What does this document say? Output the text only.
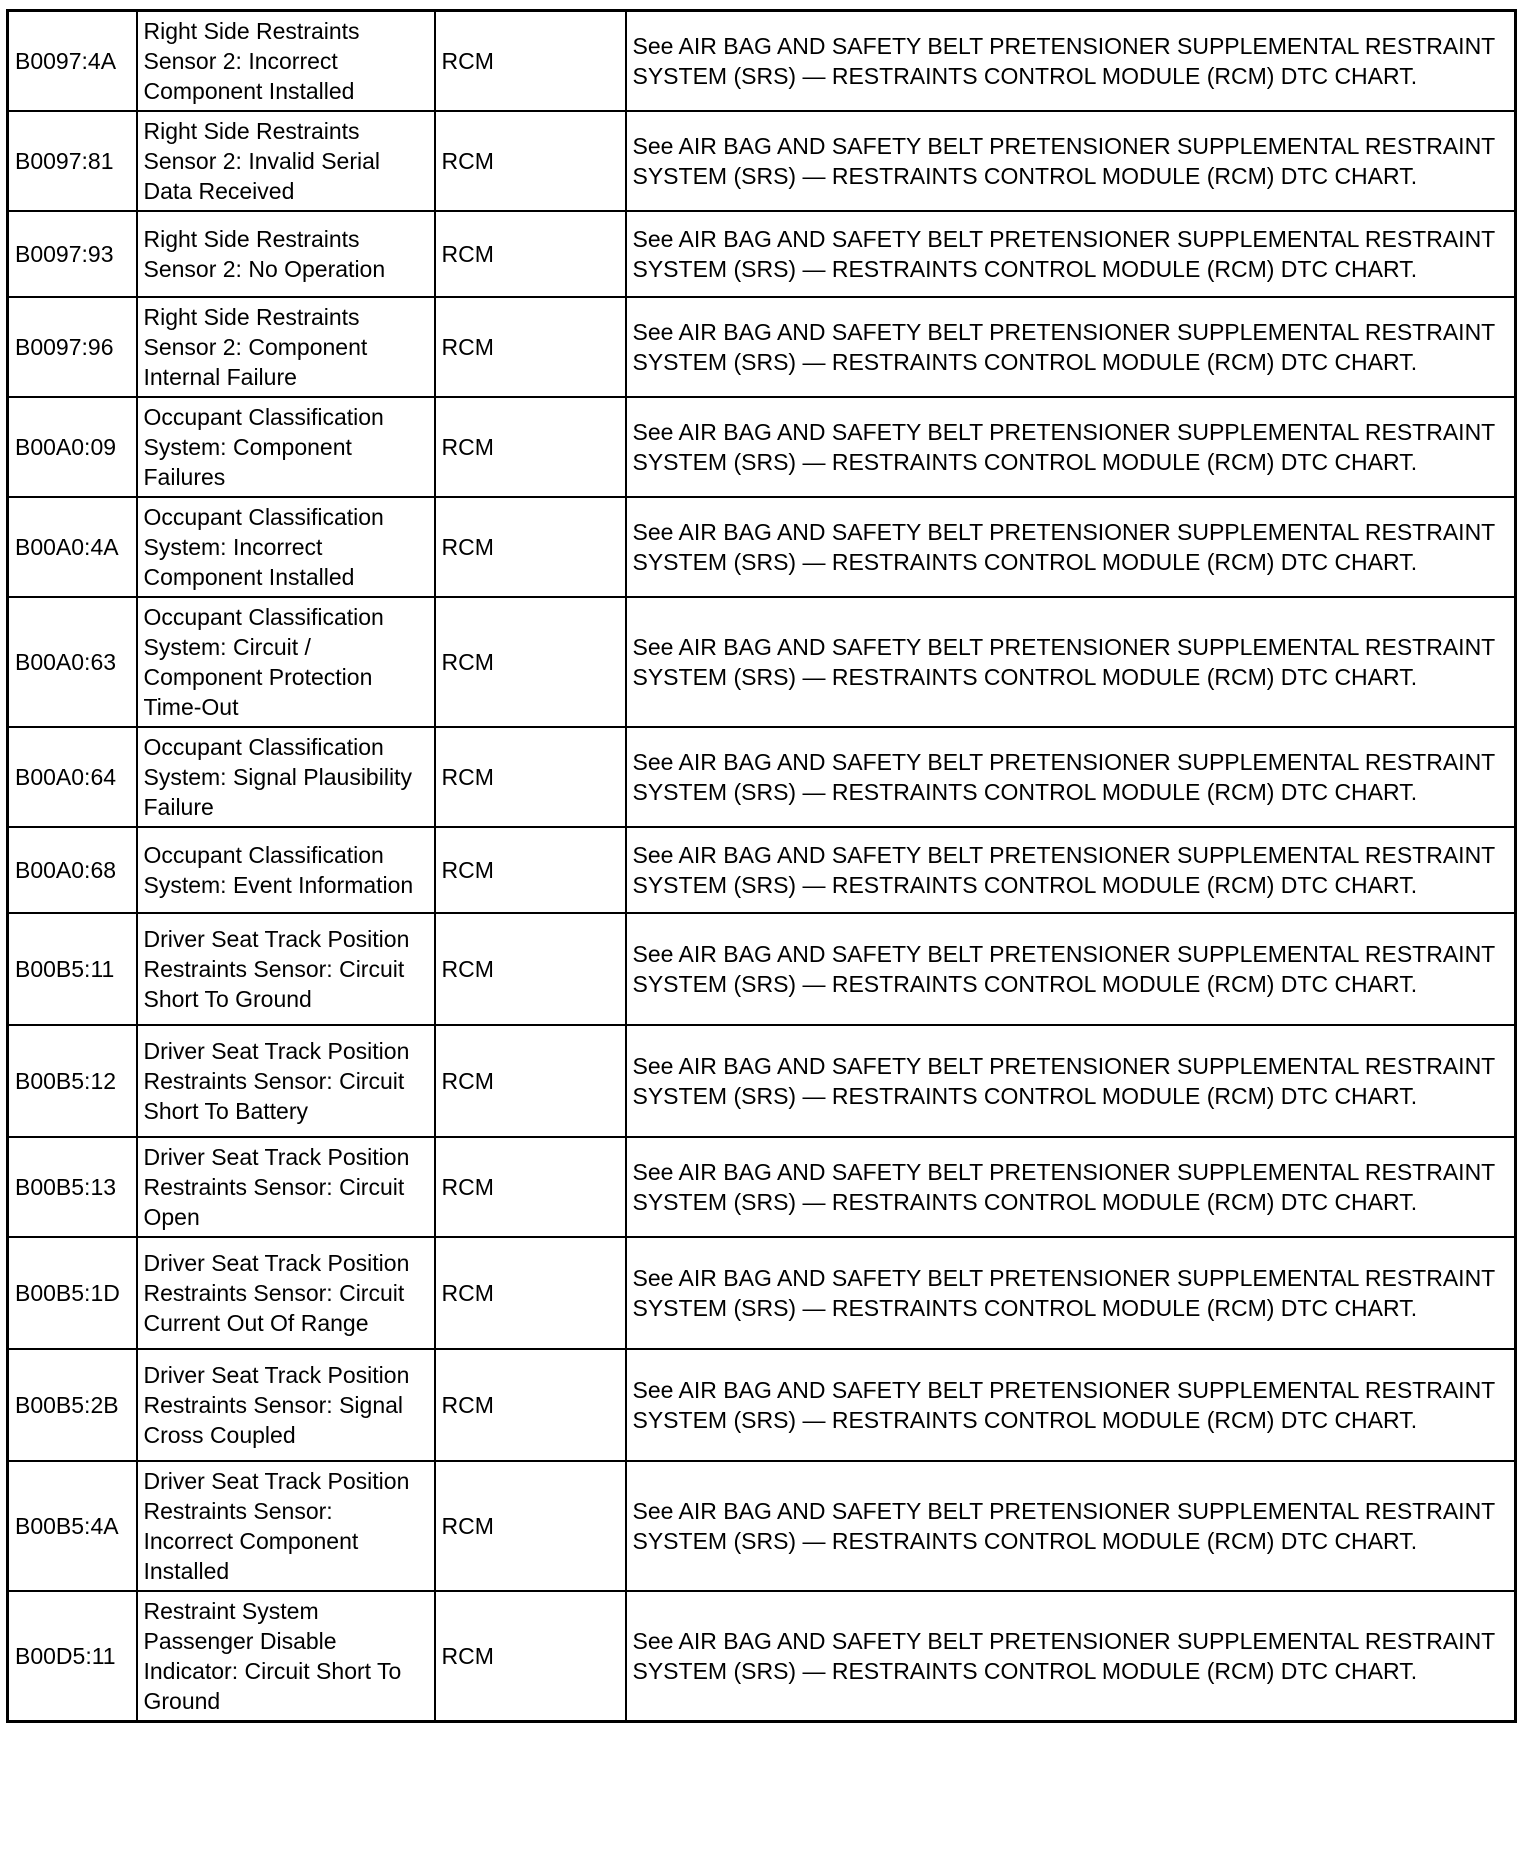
B0097:4A	Right Side Restraints Sensor 2: Incorrect Component Installed	RCM	See AIR BAG AND SAFETY BELT PRETENSIONER SUPPLEMENTAL RESTRAINT SYSTEM (SRS) — RESTRAINTS CONTROL MODULE (RCM) DTC CHART.
B0097:81	Right Side Restraints Sensor 2: Invalid Serial Data Received	RCM	See AIR BAG AND SAFETY BELT PRETENSIONER SUPPLEMENTAL RESTRAINT SYSTEM (SRS) — RESTRAINTS CONTROL MODULE (RCM) DTC CHART.
B0097:93	Right Side Restraints Sensor 2: No Operation	RCM	See AIR BAG AND SAFETY BELT PRETENSIONER SUPPLEMENTAL RESTRAINT SYSTEM (SRS) — RESTRAINTS CONTROL MODULE (RCM) DTC CHART.
B0097:96	Right Side Restraints Sensor 2: Component Internal Failure	RCM	See AIR BAG AND SAFETY BELT PRETENSIONER SUPPLEMENTAL RESTRAINT SYSTEM (SRS) — RESTRAINTS CONTROL MODULE (RCM) DTC CHART.
B00A0:09	Occupant Classification System: Component Failures	RCM	See AIR BAG AND SAFETY BELT PRETENSIONER SUPPLEMENTAL RESTRAINT SYSTEM (SRS) — RESTRAINTS CONTROL MODULE (RCM) DTC CHART.
B00A0:4A	Occupant Classification System: Incorrect Component Installed	RCM	See AIR BAG AND SAFETY BELT PRETENSIONER SUPPLEMENTAL RESTRAINT SYSTEM (SRS) — RESTRAINTS CONTROL MODULE (RCM) DTC CHART.
B00A0:63	Occupant Classification System: Circuit / Component Protection Time-Out	RCM	See AIR BAG AND SAFETY BELT PRETENSIONER SUPPLEMENTAL RESTRAINT SYSTEM (SRS) — RESTRAINTS CONTROL MODULE (RCM) DTC CHART.
B00A0:64	Occupant Classification System: Signal Plausibility Failure	RCM	See AIR BAG AND SAFETY BELT PRETENSIONER SUPPLEMENTAL RESTRAINT SYSTEM (SRS) — RESTRAINTS CONTROL MODULE (RCM) DTC CHART.
B00A0:68	Occupant Classification System: Event Information	RCM	See AIR BAG AND SAFETY BELT PRETENSIONER SUPPLEMENTAL RESTRAINT SYSTEM (SRS) — RESTRAINTS CONTROL MODULE (RCM) DTC CHART.
B00B5:11	Driver Seat Track Position Restraints Sensor: Circuit Short To Ground	RCM	See AIR BAG AND SAFETY BELT PRETENSIONER SUPPLEMENTAL RESTRAINT SYSTEM (SRS) — RESTRAINTS CONTROL MODULE (RCM) DTC CHART.
B00B5:12	Driver Seat Track Position Restraints Sensor: Circuit Short To Battery	RCM	See AIR BAG AND SAFETY BELT PRETENSIONER SUPPLEMENTAL RESTRAINT SYSTEM (SRS) — RESTRAINTS CONTROL MODULE (RCM) DTC CHART.
B00B5:13	Driver Seat Track Position Restraints Sensor: Circuit Open	RCM	See AIR BAG AND SAFETY BELT PRETENSIONER SUPPLEMENTAL RESTRAINT SYSTEM (SRS) — RESTRAINTS CONTROL MODULE (RCM) DTC CHART.
B00B5:1D	Driver Seat Track Position Restraints Sensor: Circuit Current Out Of Range	RCM	See AIR BAG AND SAFETY BELT PRETENSIONER SUPPLEMENTAL RESTRAINT SYSTEM (SRS) — RESTRAINTS CONTROL MODULE (RCM) DTC CHART.
B00B5:2B	Driver Seat Track Position Restraints Sensor: Signal Cross Coupled	RCM	See AIR BAG AND SAFETY BELT PRETENSIONER SUPPLEMENTAL RESTRAINT SYSTEM (SRS) — RESTRAINTS CONTROL MODULE (RCM) DTC CHART.
B00B5:4A	Driver Seat Track Position Restraints Sensor: Incorrect Component Installed	RCM	See AIR BAG AND SAFETY BELT PRETENSIONER SUPPLEMENTAL RESTRAINT SYSTEM (SRS) — RESTRAINTS CONTROL MODULE (RCM) DTC CHART.
B00D5:11	Restraint System Passenger Disable Indicator: Circuit Short To Ground	RCM	See AIR BAG AND SAFETY BELT PRETENSIONER SUPPLEMENTAL RESTRAINT SYSTEM (SRS) — RESTRAINTS CONTROL MODULE (RCM) DTC CHART.
